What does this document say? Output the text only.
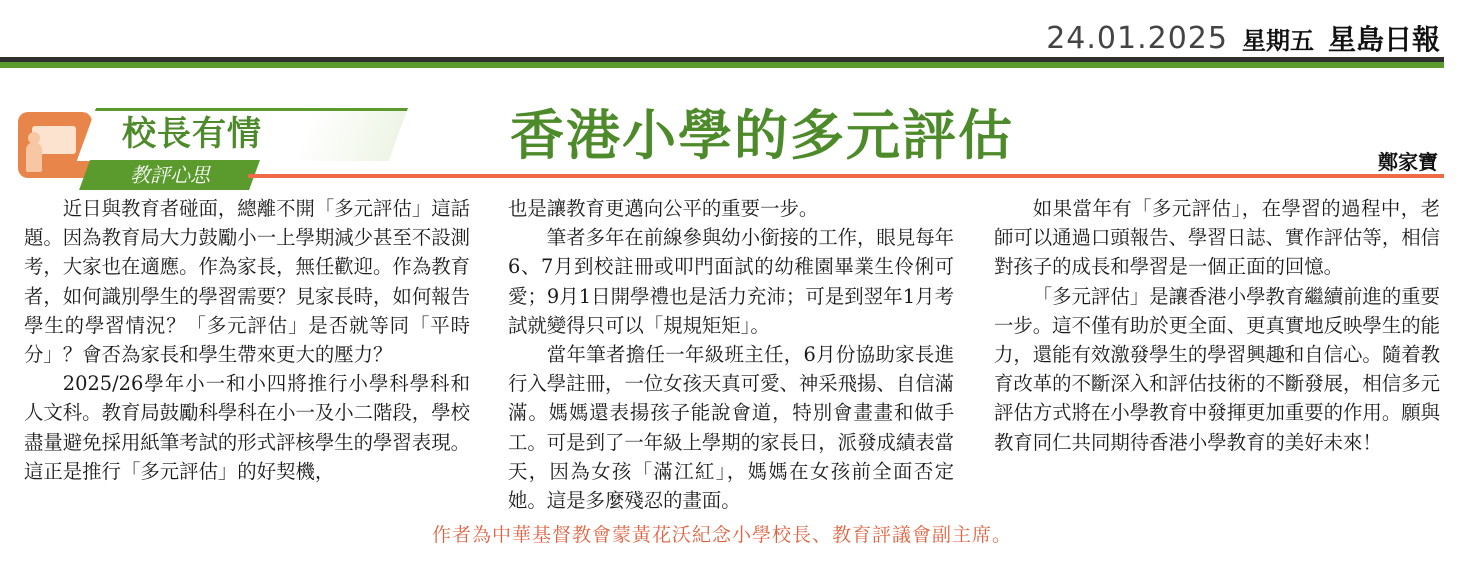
24.01.2025 星期五 星島日報
校長有情
教評心思
香港小學的多元評估	鄭家寶

近日與教育者碰面，總離不開「多元評估」這話題。因為教育局大力鼓勵小一上學期減少甚至不設測考，大家也在適應。作為家長，無任歡迎。作為教育者，如何識別學生的學習需要？見家長時，如何報告學生的學習情況？「多元評估」是否就等同「平時分」？會否為家長和學生帶來更大的壓力？

2025/26學年小一和小四將推行小學科學科和人文科。教育局鼓勵科學科在小一及小二階段，學校盡量避免採用紙筆考試的形式評核學生的學習表現。這正是推行「多元評估」的好契機，

也是讓教育更邁向公平的重要一步。

筆者多年在前線參與幼小銜接的工作，眼見每年6、7月到校註冊或叩門面試的幼稚園畢業生伶俐可愛；9月1日開學禮也是活力充沛；可是到翌年1月考試就變得只可以「規規矩矩」。

當年筆者擔任一年級班主任，6月份協助家長進行入學註冊，一位女孩天真可愛、神采飛揚、自信滿滿。媽媽還表揚孩子能說會道，特別會畫畫和做手工。可是到了一年級上學期的家長日，派發成績表當天，因為女孩「滿江紅」，媽媽在女孩前全面否定她。這是多麼殘忍的畫面。

如果當年有「多元評估」，在學習的過程中，老師可以通過口頭報告、學習日誌、實作評估等，相信對孩子的成長和學習是一個正面的回憶。

「多元評估」是讓香港小學教育繼續前進的重要一步。這不僅有助於更全面、更真實地反映學生的能力，還能有效激發學生的學習興趣和自信心。隨着教育改革的不斷深入和評估技術的不斷發展，相信多元評估方式將在小學教育中發揮更加重要的作用。願與教育同仁共同期待香港小學教育的美好未來！

作者為中華基督教會蒙黃花沃紀念小學校長、教育評議會副主席。
